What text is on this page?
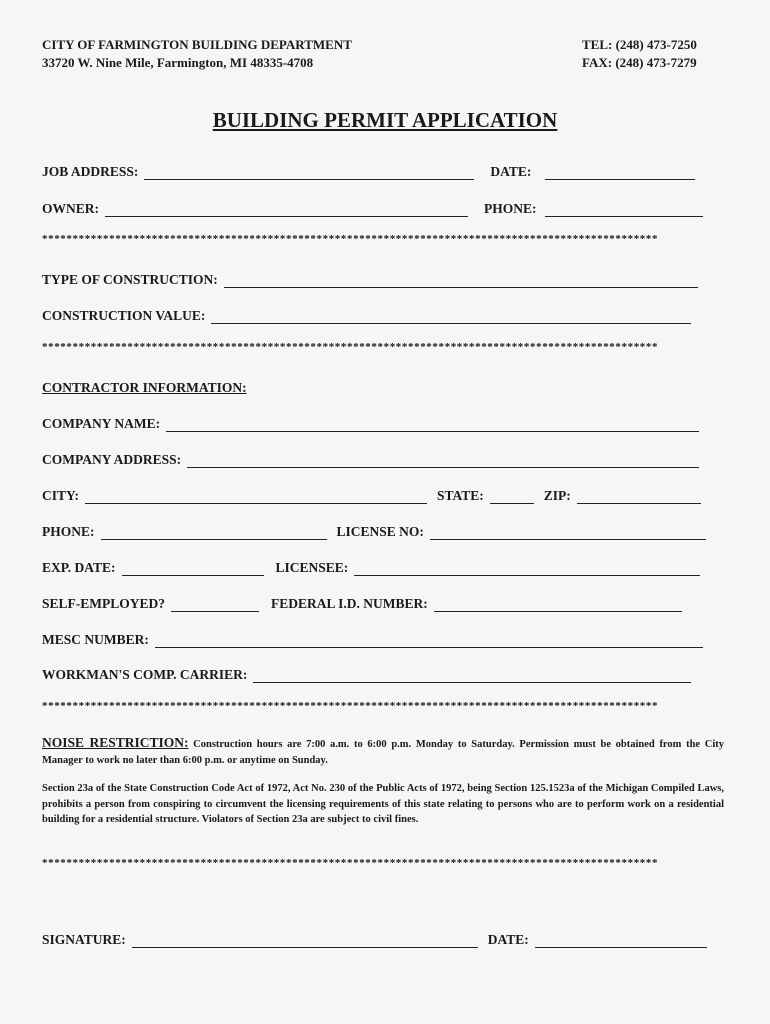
CITY OF FARMINGTON BUILDING DEPARTMENT
33720 W. Nine Mile, Farmington, MI 48335-4708
TEL: (248) 473-7250
FAX: (248) 473-7279
BUILDING PERMIT APPLICATION
JOB ADDRESS:	DATE:
OWNER:	PHONE:
*****************************************************************************************************
TYPE OF CONSTRUCTION:
CONSTRUCTION VALUE:
*****************************************************************************************************
CONTRACTOR INFORMATION:
COMPANY NAME:
COMPANY ADDRESS:
CITY:	STATE:	ZIP:
PHONE:	LICENSE NO:
EXP. DATE:	LICENSEE:
SELF-EMPLOYED?	FEDERAL I.D. NUMBER:
MESC NUMBER:
WORKMAN'S COMP. CARRIER:
*****************************************************************************************************
NOISE RESTRICTION: Construction hours are 7:00 a.m. to 6:00 p.m. Monday to Saturday. Permission must be obtained from the City Manager to work no later than 6:00 p.m. or anytime on Sunday.
Section 23a of the State Construction Code Act of 1972, Act No. 230 of the Public Acts of 1972, being Section 125.1523a of the Michigan Compiled Laws, prohibits a person from conspiring to circumvent the licensing requirements of this state relating to persons who are to perform work on a residential building for a residential structure. Violators of Section 23a are subject to civil fines.
*****************************************************************************************************
SIGNATURE:	DATE:
